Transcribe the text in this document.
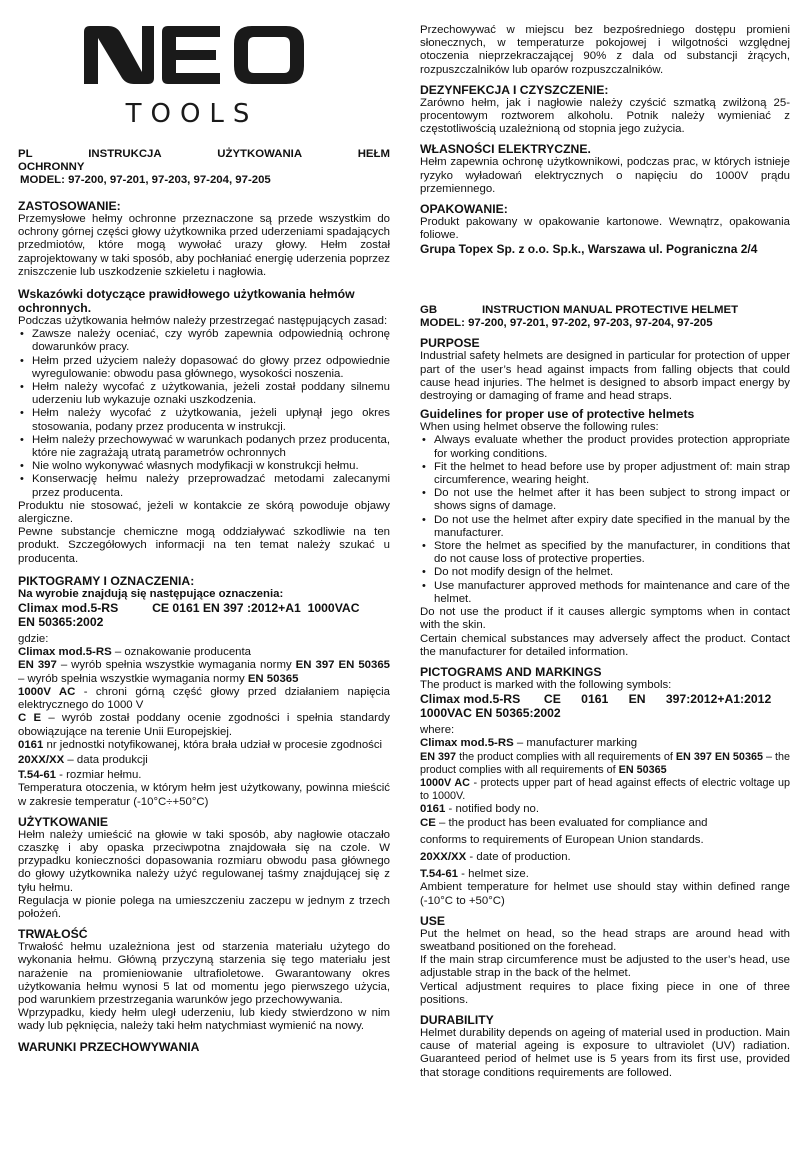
TOOLS
PL	INSTRUKCJA	UŻYTKOWANIA	HEŁM
OCHRONNY
MODEL: 97-200, 97-201, 97-203, 97-204, 97-205

ZASTOSOWANIE:

Przemysłowe hełmy ochronne przeznaczone są przede wszystkim do ochrony górnej części głowy użytkownika przed uderzeniami spadających przedmiotów, które mogą wywołać urazy głowy. Hełm został zaprojektowany w taki sposób, aby pochłaniać energię uderzenia poprzez zniszczenie lub uszkodzenie szkieletu i nagłowia.

Wskazówki dotyczące prawidłowego użytkowania hełmów ochronnych.

Podczas użytkowania hełmów należy przestrzegać następujących zasad:

• Zawsze należy oceniać, czy wyrób zapewnia odpowiednią ochronę dowarunków pracy.
• Hełm przed użyciem należy dopasować do głowy przez odpowiednie wyregulowanie: obwodu pasa głównego, wysokości noszenia.
• Hełm należy wycofać z użytkowania, jeżeli został poddany silnemu uderzeniu lub wykazuje oznaki uszkodzenia.
• Hełm należy wycofać z użytkowania, jeżeli upłynął jego okres stosowania, podany przez producenta w instrukcji.
• Hełm należy przechowywać w warunkach podanych przez producenta, które nie zagrażają utratą parametrów ochronnych
• Nie wolno wykonywać własnych modyfikacji w konstrukcji hełmu.
• Konserwację hełmu należy przeprowadzać metodami zalecanymi przez producenta.

Produktu nie stosować, jeżeli w kontakcie ze skórą powoduje objawy alergiczne.

Pewne substancje chemiczne mogą oddziaływać szkodliwie na ten produkt. Szczegółowych informacji na ten temat należy szukać u producenta.

PIKTOGRAMY I OZNACZENIA:

Na wyrobie znajdują się następujące oznaczenia:

Climax mod.5-RS          CE 0161 EN 397 :2012+A1  1000VAC

EN 50365:2002

gdzie:

Climax mod.5-RS – oznakowanie producenta

EN 397 – wyrób spełnia wszystkie wymagania normy EN 397 EN 50365 – wyrób spełnia wszystkie wymagania normy EN 50365

1000V AC - chroni górną część głowy przed działaniem napięcia elektrycznego do 1000 V

C E – wyrób został poddany ocenie zgodności i spełnia standardy obowiązujące na terenie Unii Europejskiej.

0161 nr jednostki notyfikowanej, która brała udział w procesie zgodności

20XX/XX – data produkcji

T.54-61 - rozmiar hełmu.

Temperatura otoczenia, w którym hełm jest użytkowany, powinna mieścić w zakresie temperatur (-10°C÷+50°C)

UŻYTKOWANIE

Hełm należy umieścić na głowie w taki sposób, aby nagłowie otaczało czaszkę i aby opaska przeciwpotna znajdowała się na czole. W przypadku konieczności dopasowania rozmiaru obwodu pasa głównego do głowy użytkownika należy użyć regulowanej taśmy znajdującej się z tyłu hełmu.

Regulacja w pionie polega na umieszczeniu zaczepu w jednym z trzech położeń.

TRWAŁOŚĆ

Trwałość hełmu uzależniona jest od starzenia materiału użytego do wykonania hełmu. Główną przyczyną starzenia się tego materiału jest narażenie na promieniowanie ultrafioletowe. Gwarantowany okres użytkowania hełmu wynosi 5 lat od momentu jego pierwszego użycia, pod warunkiem przestrzegania warunków jego przechowywania.

Wprzypadku, kiedy hełm uległ uderzeniu, lub kiedy stwierdzono w nim wady lub pęknięcia, należy taki hełm natychmiast wymienić na nowy.

WARUNKI PRZECHOWYWANIA

Przechowywać w miejscu bez bezpośredniego dostępu promieni słonecznych, w temperaturze pokojowej i wilgotności względnej otoczenia nieprzekraczającej 90% z dala od substancji żrących, rozpuszczalników lub oparów rozpuszczalników.

DEZYNFEKCJA I CZYSZCZENIE:

Zarówno hełm, jak i nagłowie należy czyścić szmatką zwilżoną 25-procentowym roztworem alkoholu. Potnik należy wymieniać z częstotliwością uzależnioną od stopnia jego zużycia.

WŁASNOŚCI ELEKTRYCZNE.

Hełm zapewnia ochronę użytkownikowi, podczas prac, w których istnieje ryzyko wyładowań elektrycznych o napięciu do 1000V prądu przemiennego.

OPAKOWANIE:

Produkt pakowany w opakowanie kartonowe. Wewnątrz, opakowania foliowe.

Grupa Topex Sp. z o.o. Sp.k., Warszawa ul. Pograniczna 2/4

GB	INSTRUCTION MANUAL PROTECTIVE HELMET
MODEL: 97-200, 97-201, 97-202, 97-203, 97-204, 97-205

PURPOSE

Industrial safety helmets are designed in particular for protection of upper part of the user’s head against impacts from falling objects that could cause head injuries. The helmet is designed to absorb impact energy by destroying or damaging of frame and head straps.

Guidelines for proper use of protective helmets

When using helmet observe the following rules:

• Always evaluate whether the product provides protection appropriate for working conditions.
• Fit the helmet to head before use by proper adjustment of: main strap circumference, wearing height.
• Do not use the helmet after it has been subject to strong impact or shows signs of damage.
• Do not use the helmet after expiry date specified in the manual by the manufacturer.
• Store the helmet as specified by the manufacturer, in conditions that do not cause loss of protective properties.
• Do not modify design of the helmet.
• Use manufacturer approved methods for maintenance and care of the helmet.

Do not use the product if it causes allergic symptoms when in contact with the skin.

Certain chemical substances may adversely affect the product. Contact the manufacturer for detailed information.

PICTOGRAMS AND MARKINGS

The product is marked with the following symbols:

Climax mod.5-RS       CE      0161      EN      397:2012+A1:2012

1000VAC EN 50365:2002

where:

Climax mod.5-RS – manufacturer marking

EN 397 the product complies with all requirements of EN 397 EN 50365 – the product complies with all requirements of EN 50365

1000V AC - protects upper part of head against effects of electric voltage up to 1000V.

0161 - notified body no.

CE – the product has been evaluated for compliance and

conforms to requirements of European Union standards.

20XX/XX - date of production.

T.54-61 - helmet size.

Ambient temperature for helmet use should stay within defined range (-10°C to +50°C)

USE

Put the helmet on head, so the head straps are around head with sweatband positioned on the forehead.

If the main strap circumference must be adjusted to the user’s head, use adjustable strap in the back of the helmet.

Vertical adjustment requires to place fixing piece in one of three positions.

DURABILITY

Helmet durability depends on ageing of material used in production. Main cause of material ageing is exposure to ultraviolet (UV) radiation. Guaranteed period of helmet use is 5 years from its first use, provided that storage conditions requirements are followed.
